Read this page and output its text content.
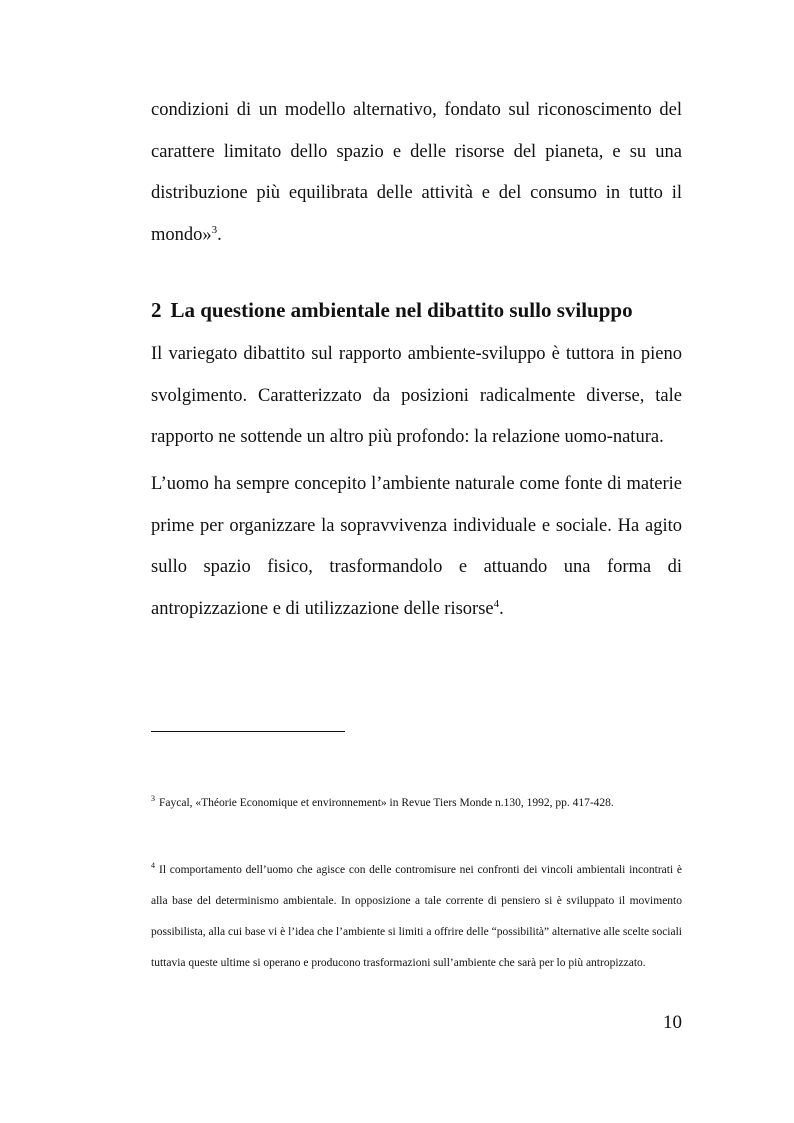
condizioni di un modello alternativo, fondato sul riconoscimento del carattere limitato dello spazio e delle risorse del pianeta, e su una distribuzione più equilibrata delle attività e del consumo in tutto il mondo»$^3$.

2 La questione ambientale nel dibattito sullo sviluppo

Il variegato dibattito sul rapporto ambiente-sviluppo è tuttora in pieno svolgimento. Caratterizzato da posizioni radicalmente diverse, tale rapporto ne sottende un altro più profondo: la relazione uomo-natura.

L’uomo ha sempre concepito l’ambiente naturale come fonte di materie prime per organizzare la sopravvivenza individuale e sociale. Ha agito sullo spazio fisico, trasformandolo e attuando una forma di antropizzazione e di utilizzazione delle risorse$^4$.

$^3$ Faycal, «Théorie Economique et environnement» in Revue Tiers Monde n.130, 1992, pp. 417-428.

$^4$ Il comportamento dell’uomo che agisce con delle contromisure nei confronti dei vincoli ambientali incontrati è alla base del determinismo ambientale. In opposizione a tale corrente di pensiero si è sviluppato il movimento possibilista, alla cui base vi è l’idea che l’ambiente si limiti a offrire delle “possibilità” alternative alle scelte sociali tuttavia queste ultime si operano e producono trasformazioni sull’ambiente che sarà per lo più antropizzato.

10
